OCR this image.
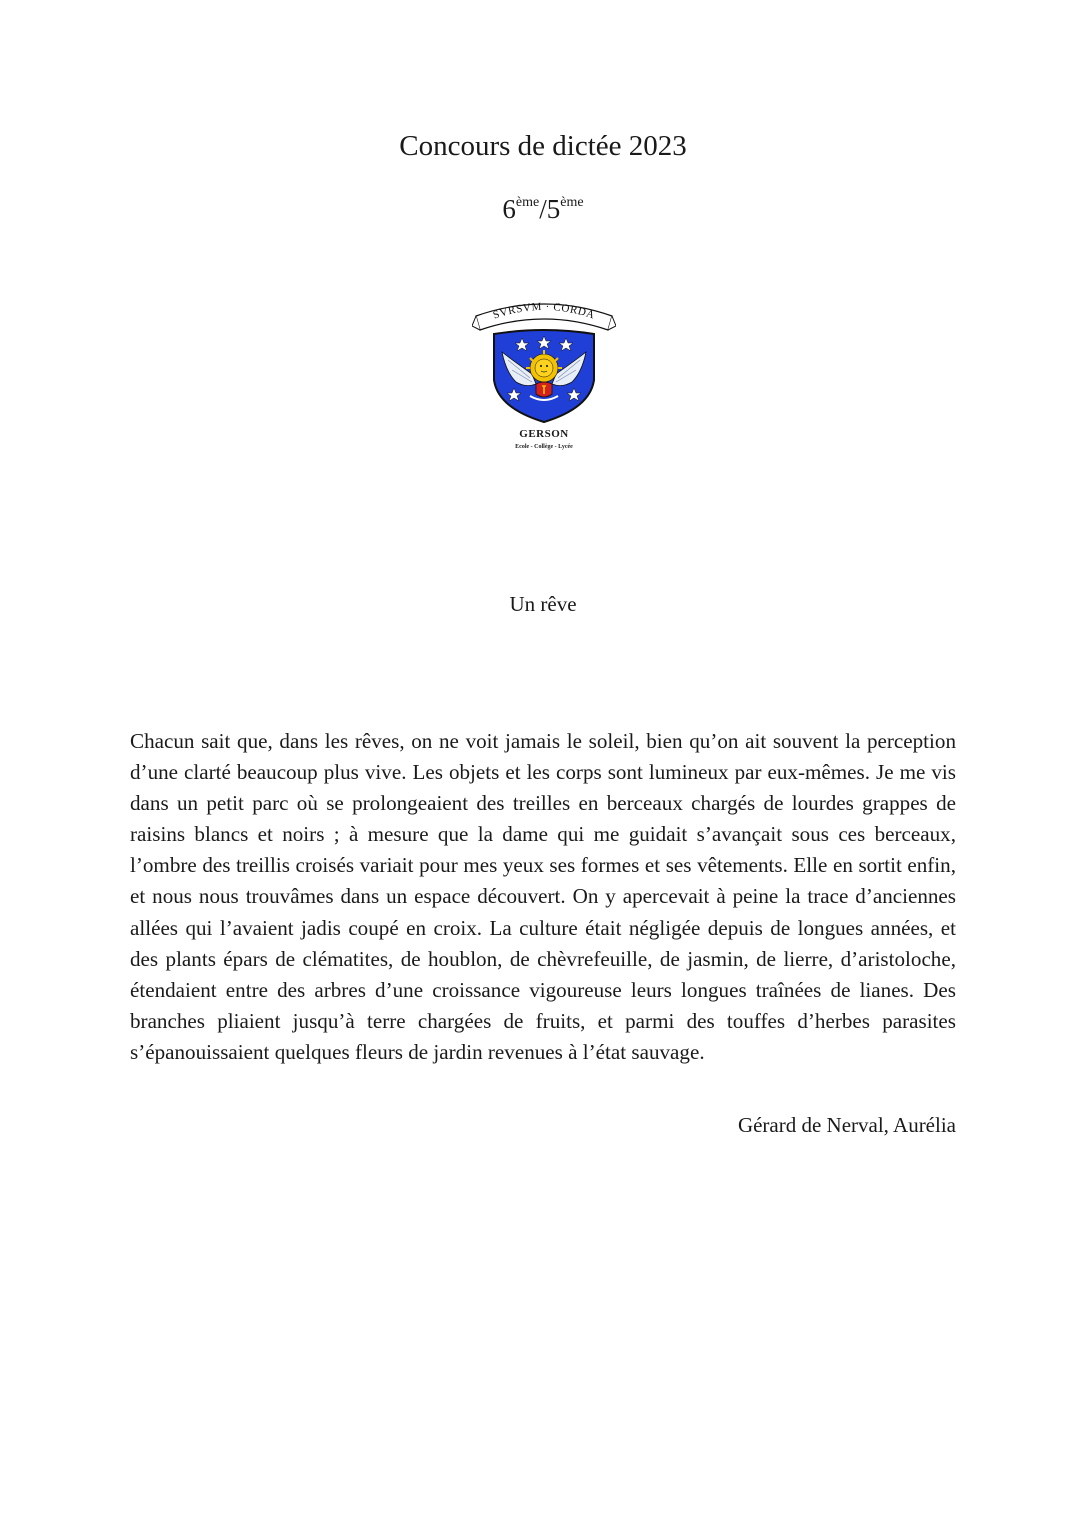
Concours de dictée 2023
6ème/5ème
SVRSVM · CORDA
GERSON
Ecole - Collège - Lycée
Un rêve

Chacun sait que, dans les rêves, on ne voit jamais le soleil, bien qu’on ait souvent la perception d’une clarté beaucoup plus vive. Les objets et les corps sont lumineux par eux-mêmes. Je me vis dans un petit parc où se prolongeaient des treilles en berceaux chargés de lourdes grappes de raisins blancs et noirs ; à mesure que la dame qui me guidait s’avançait sous ces berceaux, l’ombre des treillis croisés variait pour mes yeux ses formes et ses vêtements. Elle en sortit enfin, et nous nous trouvâmes dans un espace découvert. On y apercevait à peine la trace d’anciennes allées qui l’avaient jadis coupé en croix. La culture était négligée depuis de longues années, et des plants épars de clématites, de houblon, de chèvrefeuille, de jasmin, de lierre, d’aristoloche, étendaient entre des arbres d’une croissance vigoureuse leurs longues traînées de lianes. Des branches pliaient jusqu’à terre chargées de fruits, et parmi des touffes d’herbes parasites s’épanouissaient quelques fleurs de jardin revenues à l’état sauvage.

Gérard de Nerval, Aurélia
